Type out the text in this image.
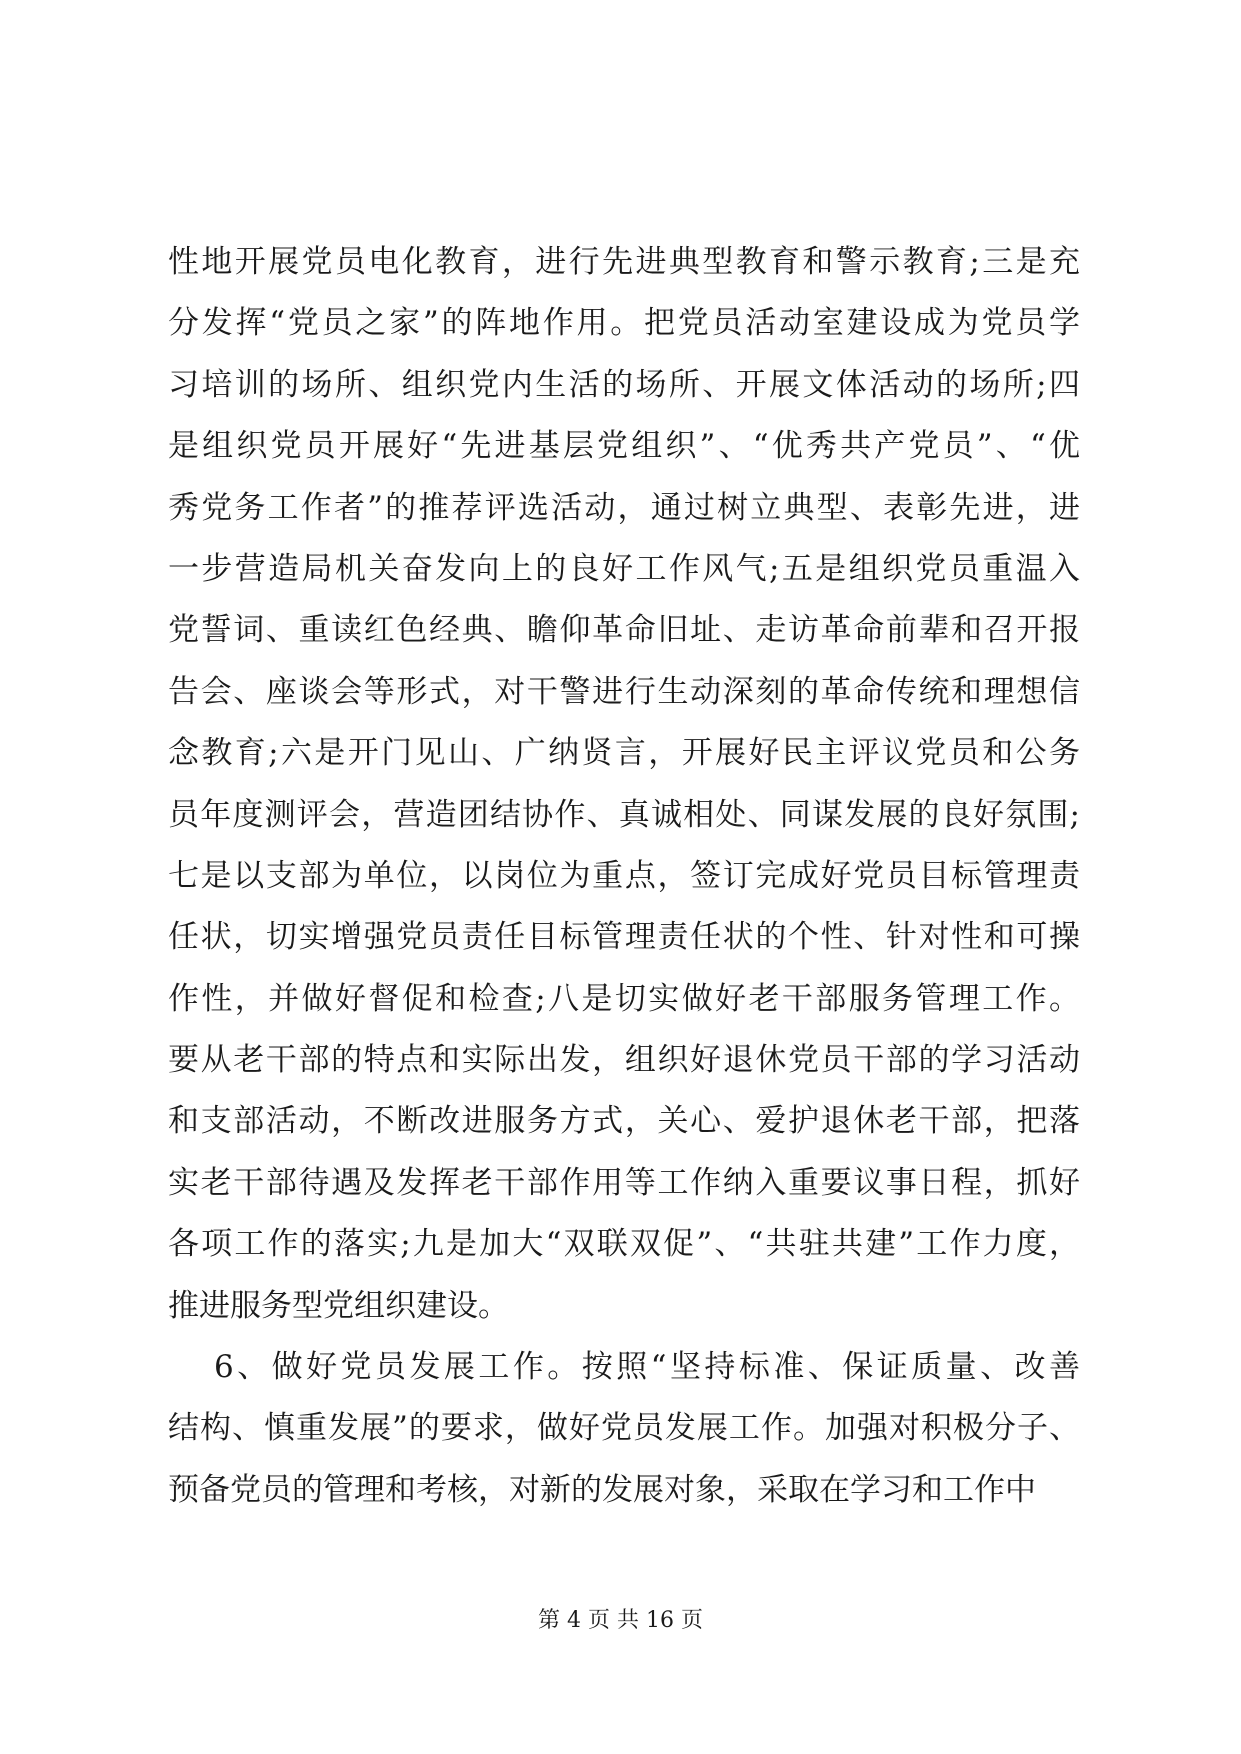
性地开展党员电化教育，进行先进典型教育和警示教育;三是充
分发挥“党员之家”的阵地作用。把党员活动室建设成为党员学
习培训的场所、组织党内生活的场所、开展文体活动的场所;四
是组织党员开展好“先进基层党组织”、“优秀共产党员”、“优
秀党务工作者”的推荐评选活动，通过树立典型、表彰先进，进
一步营造局机关奋发向上的良好工作风气;五是组织党员重温入
党誓词、重读红色经典、瞻仰革命旧址、走访革命前辈和召开报
告会、座谈会等形式，对干警进行生动深刻的革命传统和理想信
念教育;六是开门见山、广纳贤言，开展好民主评议党员和公务
员年度测评会，营造团结协作、真诚相处、同谋发展的良好氛围;
七是以支部为单位，以岗位为重点，签订完成好党员目标管理责
任状，切实增强党员责任目标管理责任状的个性、针对性和可操
作性，并做好督促和检查;八是切实做好老干部服务管理工作。
要从老干部的特点和实际出发，组织好退休党员干部的学习活动
和支部活动，不断改进服务方式，关心、爱护退休老干部，把落
实老干部待遇及发挥老干部作用等工作纳入重要议事日程，抓好
各项工作的落实;九是加大“双联双促”、“共驻共建”工作力度，
推进服务型党组织建设。
6、做好党员发展工作。按照“坚持标准、保证质量、改善
结构、慎重发展”的要求，做好党员发展工作。加强对积极分子、
预备党员的管理和考核，对新的发展对象，采取在学习和工作中
第 4 页 共 16 页
